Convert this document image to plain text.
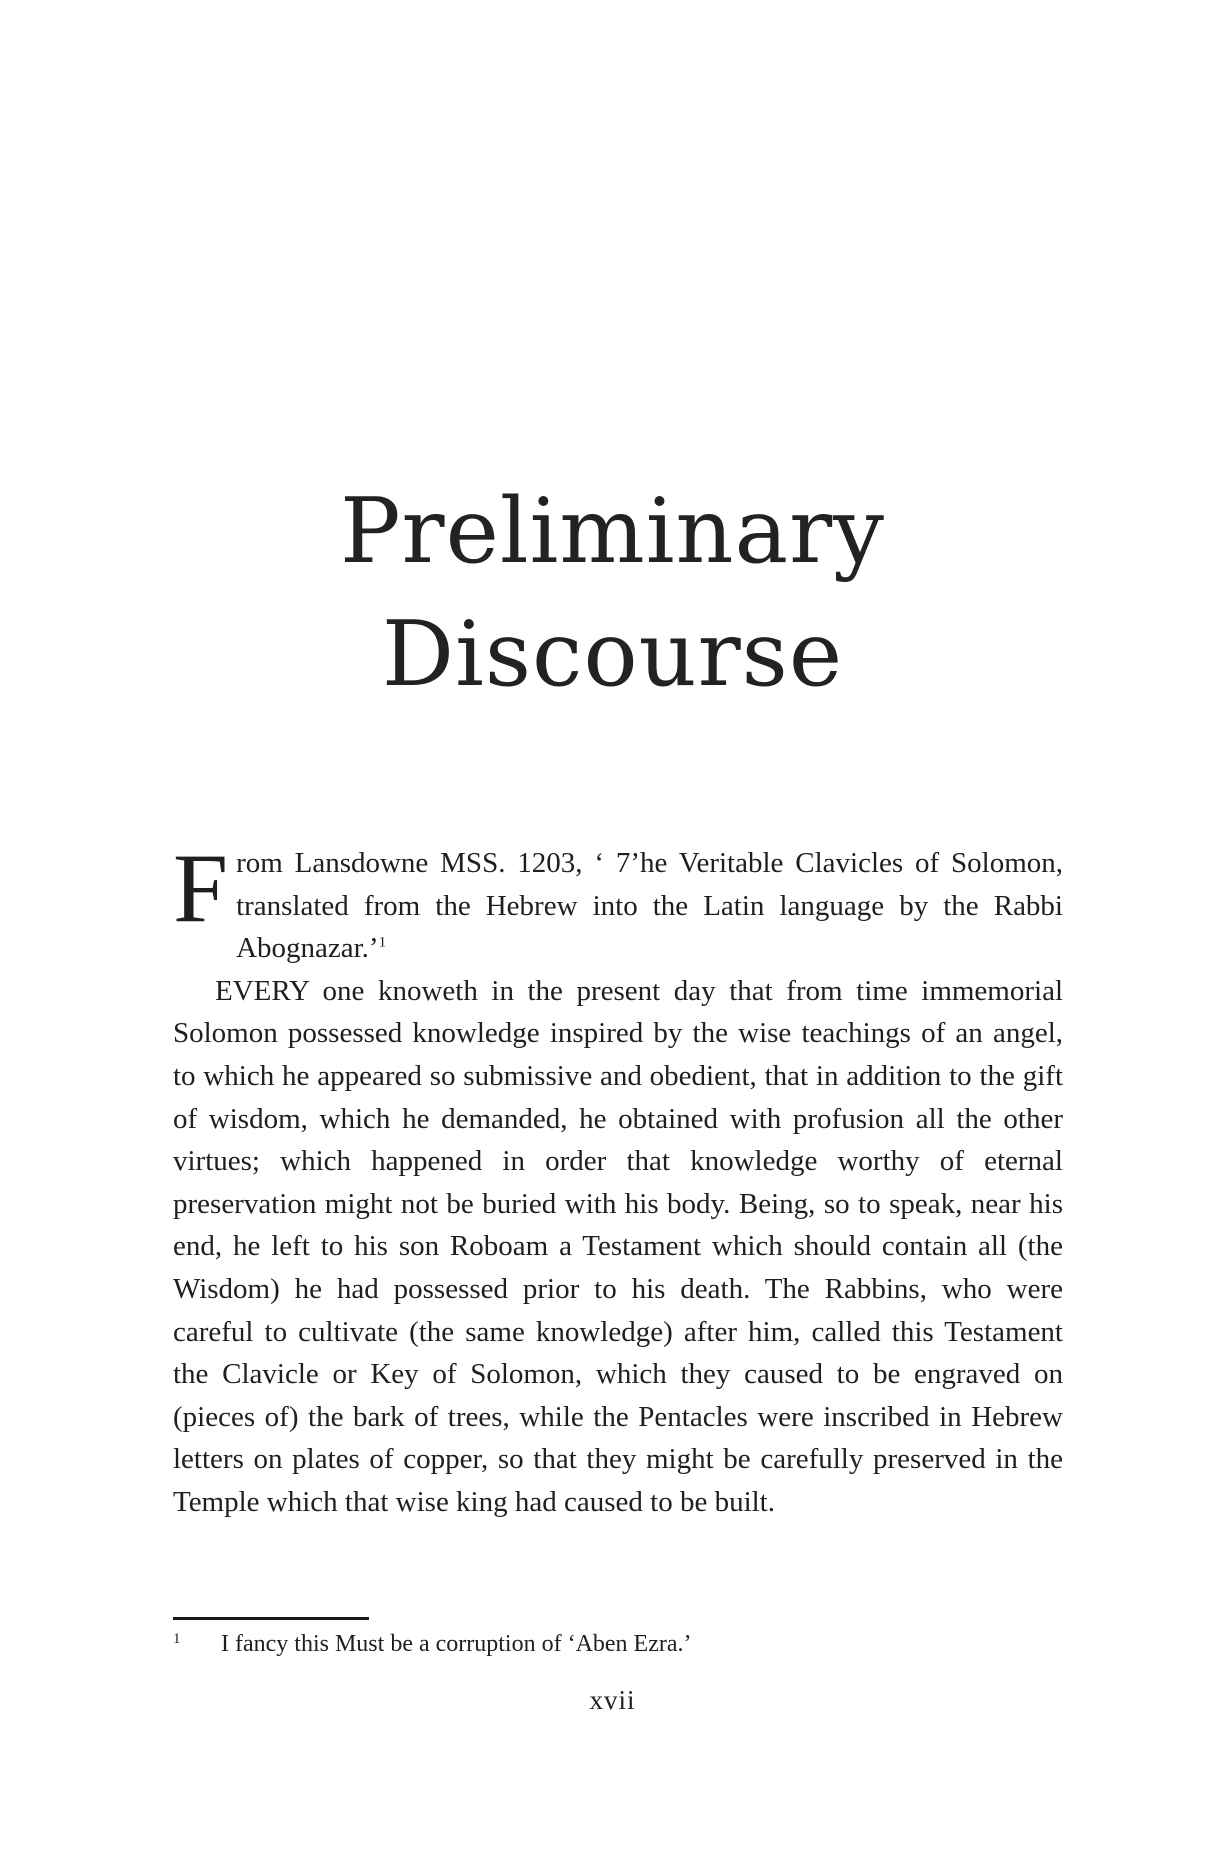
Preliminary
Discourse

From Lansdowne MSS. 1203, ‘ 7’he Veritable Clavicles of Solomon, translated from the Hebrew into the Latin language by the Rabbi Abognazar.’$^1$

EVERY one knoweth in the present day that from time immemorial Solomon possessed knowledge inspired by the wise teachings of an angel, to which he appeared so submissive and obedient, that in addition to the gift of wisdom, which he demanded, he obtained with profusion all the other virtues; which happened in order that knowledge worthy of eternal preservation might not be buried with his body. Being, so to speak, near his end, he left to his son Roboam a Testament which should contain all (the Wisdom) he had possessed prior to his death. The Rabbins, who were careful to cultivate (the same knowledge) after him, called this Testament the Clavicle or Key of Solomon, which they caused to be engraved on (pieces of) the bark of trees, while the Pentacles were inscribed in Hebrew letters on plates of copper, so that they might be carefully preserved in the Temple which that wise king had caused to be built.

1 I fancy this Must be a corruption of ‘Aben Ezra.’
xvii
